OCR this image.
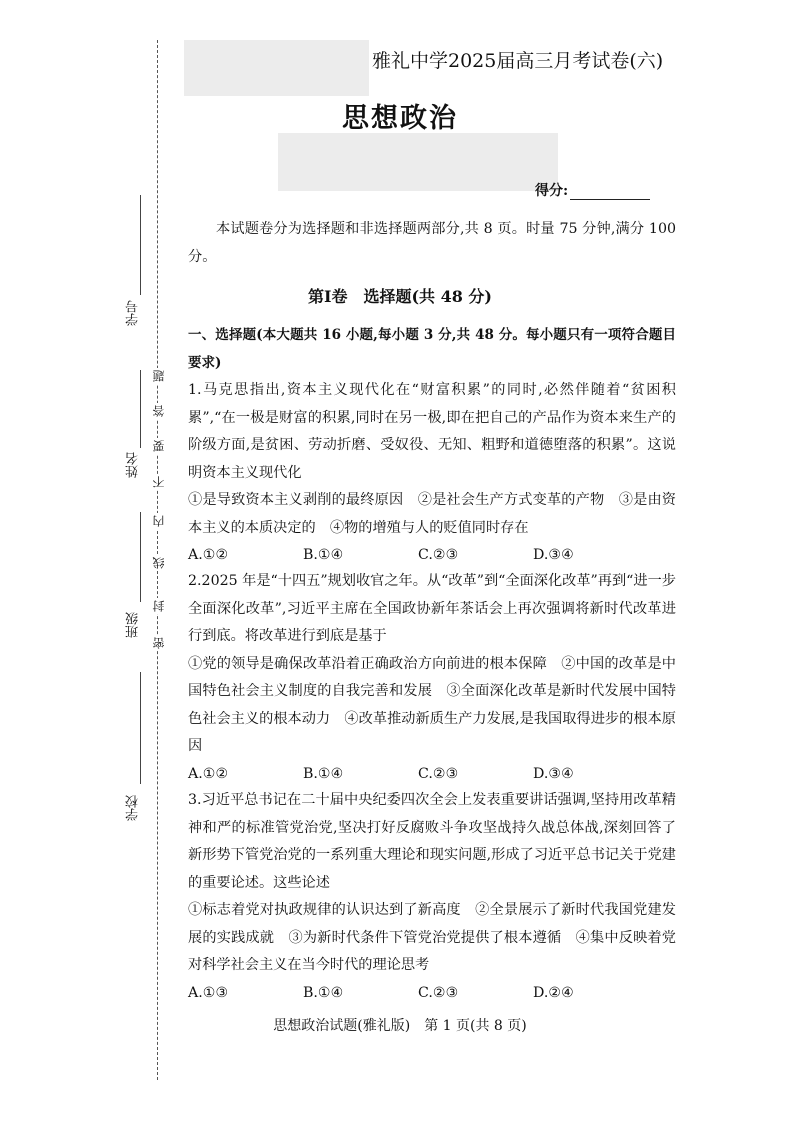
雅礼中学2025届高三月考试卷(六)
思想政治
得分:
本试题卷分为选择题和非选择题两部分,共 8 页。时量 75 分钟,满分 100 分。
第Ⅰ卷　选择题(共 48 分)
一、选择题(本大题共 16 小题,每小题 3 分,共 48 分。每小题只有一项符合题目要求)

1.马克思指出,资本主义现代化在“财富积累”的同时,必然伴随着“贫困积累”,“在一极是财富的积累,同时在另一极,即在把自己的产品作为资本来生产的阶级方面,是贫困、劳动折磨、受奴役、无知、粗野和道德堕落的积累”。这说明资本主义现代化

①是导致资本主义剥削的最终原因　②是社会生产方式变革的产物　③是由资本主义的本质决定的　④物的增殖与人的贬值同时存在

A.①②	B.①④	C.②③	D.③④

2.2025 年是“十四五”规划收官之年。从“改革”到“全面深化改革”再到“进一步全面深化改革”,习近平主席在全国政协新年茶话会上再次强调将新时代改革进行到底。将改革进行到底是基于

①党的领导是确保改革沿着正确政治方向前进的根本保障　②中国的改革是中国特色社会主义制度的自我完善和发展　③全面深化改革是新时代发展中国特色社会主义的根本动力　④改革推动新质生产力发展,是我国取得进步的根本原因

A.①②	B.①④	C.②③	D.③④

3.习近平总书记在二十届中央纪委四次全会上发表重要讲话强调,坚持用改革精神和严的标准管党治党,坚决打好反腐败斗争攻坚战持久战总体战,深刻回答了新形势下管党治党的一系列重大理论和现实问题,形成了习近平总书记关于党建的重要论述。这些论述

①标志着党对执政规律的认识达到了新高度　②全景展示了新时代我国党建发展的实践成就　③为新时代条件下管党治党提供了根本遵循　④集中反映着党对科学社会主义在当今时代的理论思考

A.①③	B.①④	C.②③	D.②④
思想政治试题(雅礼版)　第 1 页(共 8 页)
学号
姓名
班级
学校
题
答
要
不
内
线
封
密
